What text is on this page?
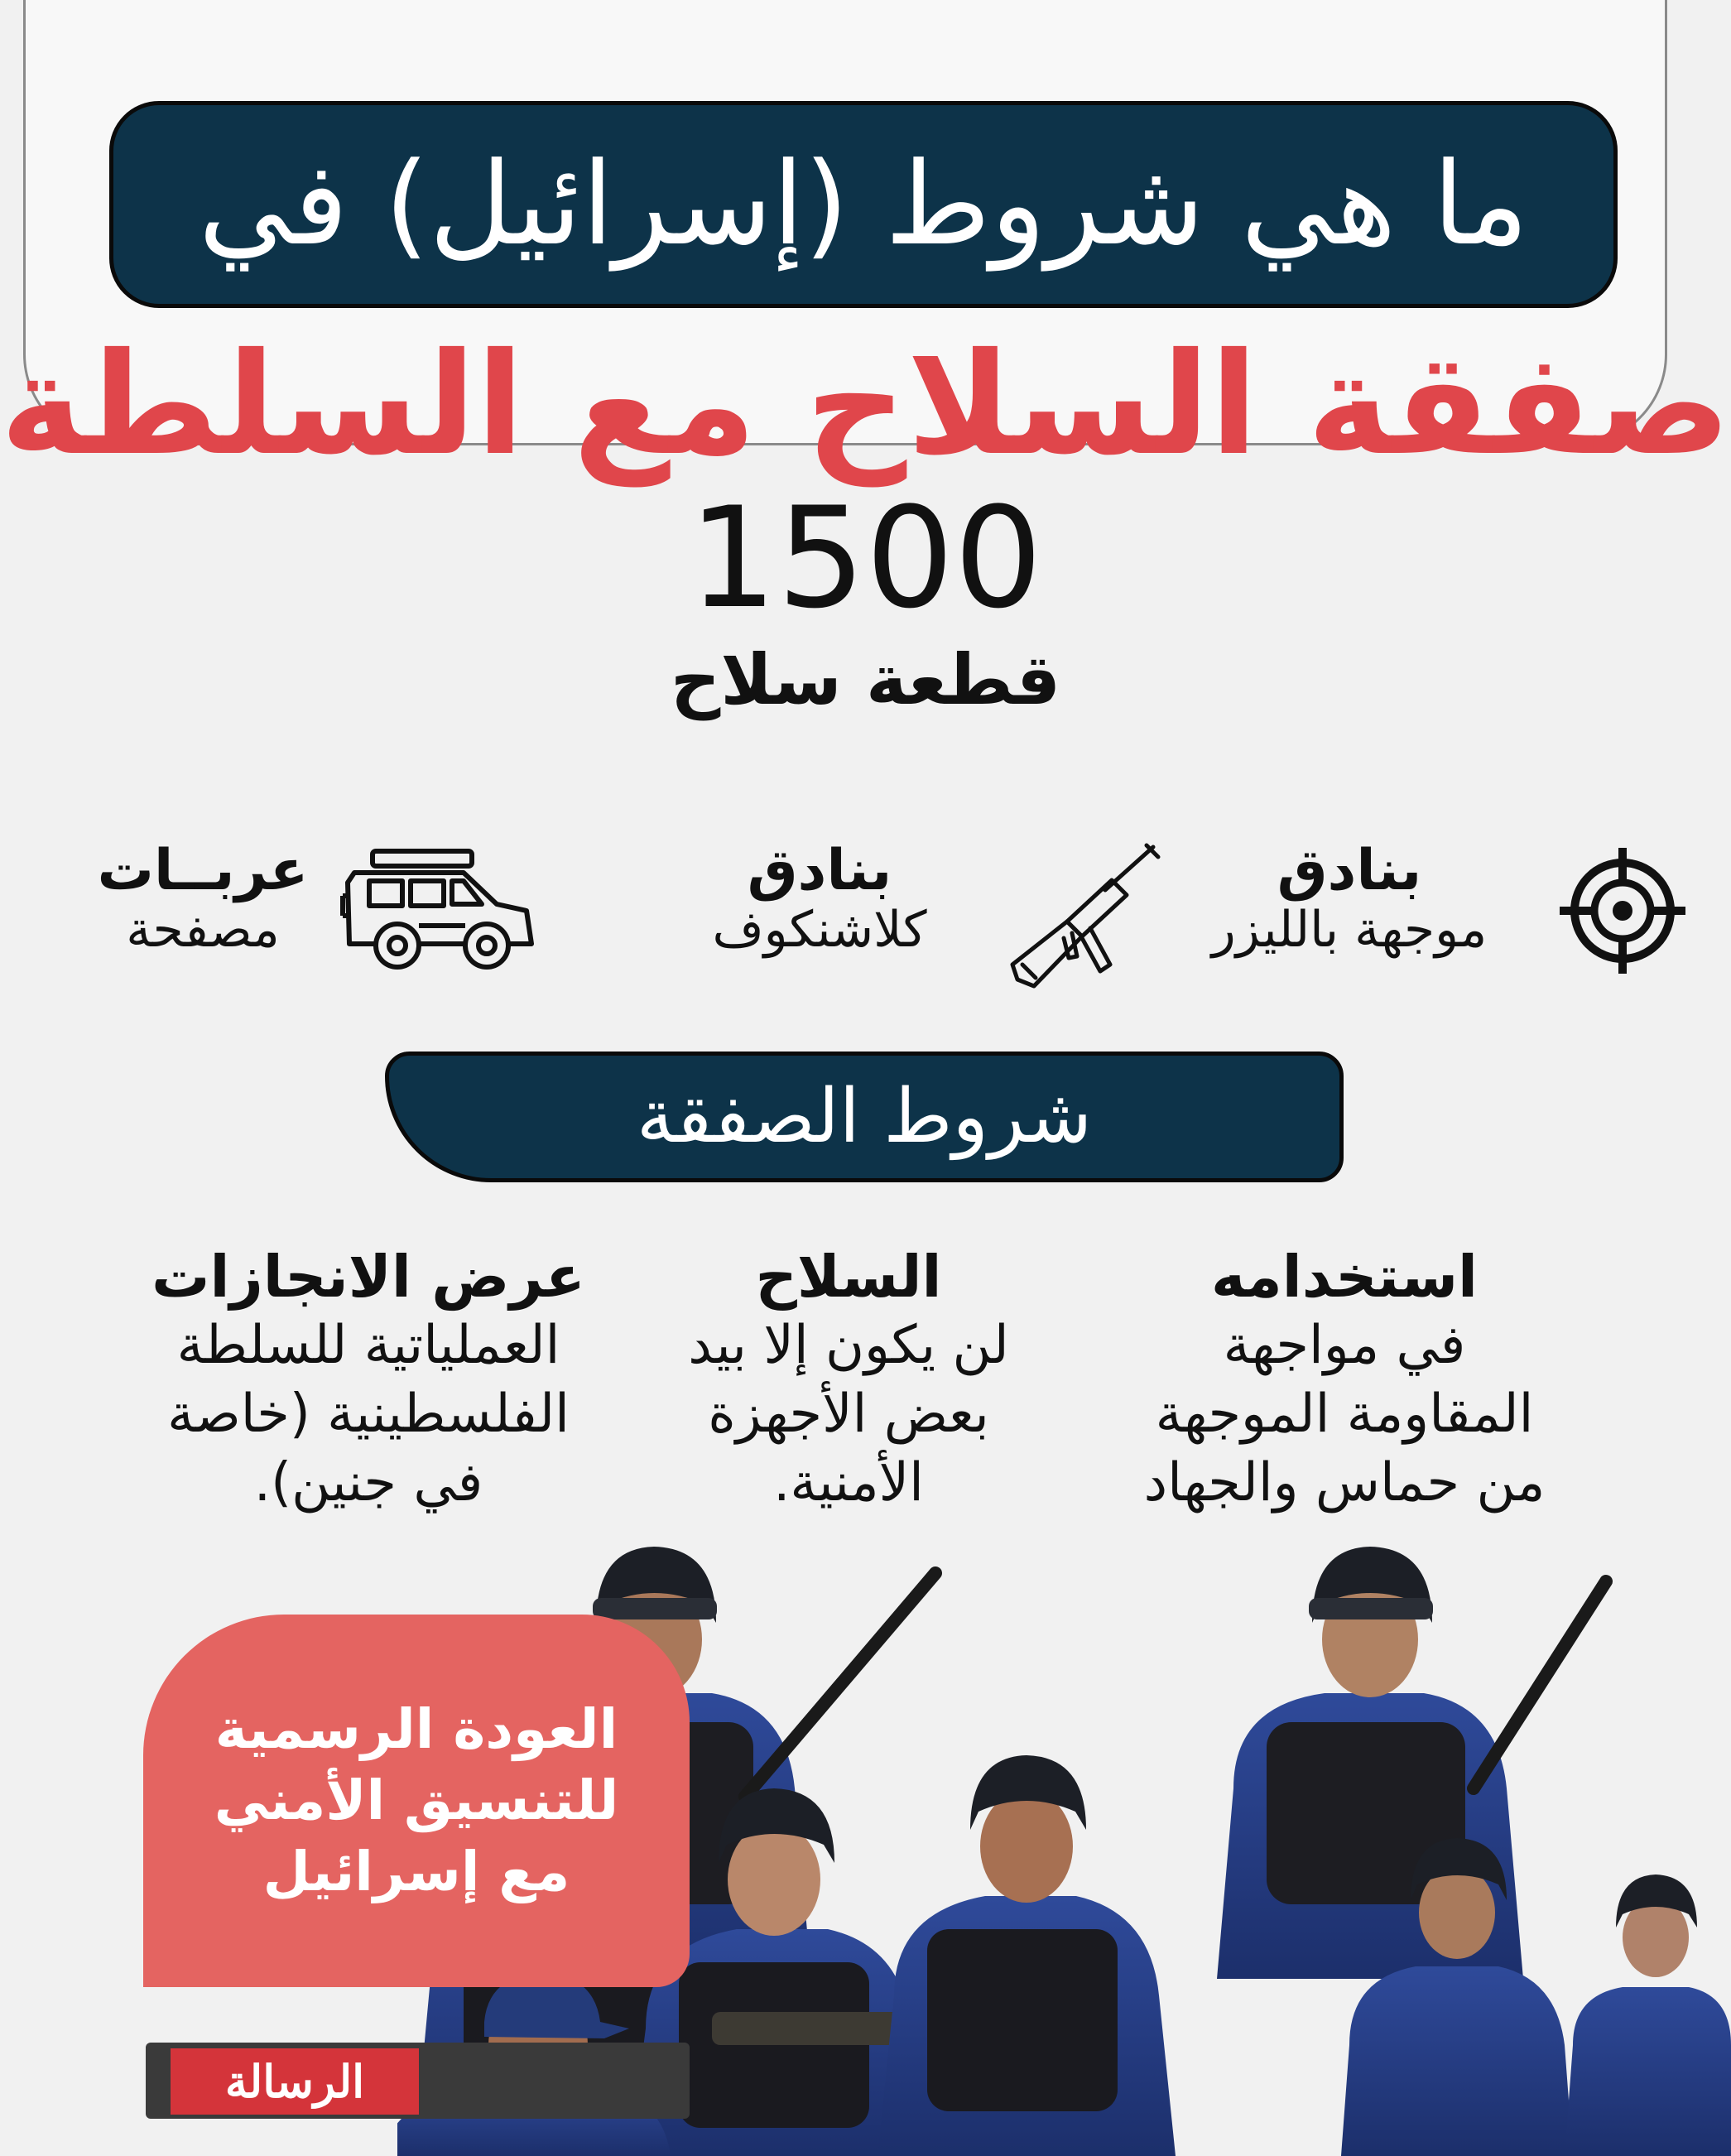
ما هي شروط (إسرائيل) في
صفقة السلاح مع السلطة
1500
قطعة سلاح
بنادق
موجهة بالليزر
بنادق
كلاشنكوف
عربــات
مصفحة
شروط الصفقة
استخدامه
في مواجهة
المقاومة الموجهة
من حماس والجهاد
السلاح
لن يكون إلا بيد
بعض الأجهزة
الأمنية.
عرض الانجازات
العملياتية للسلطة
الفلسطينية (خاصة
في جنين).
العودة الرسمية
للتنسيق الأمني
مع إسرائيل
الرسالة
